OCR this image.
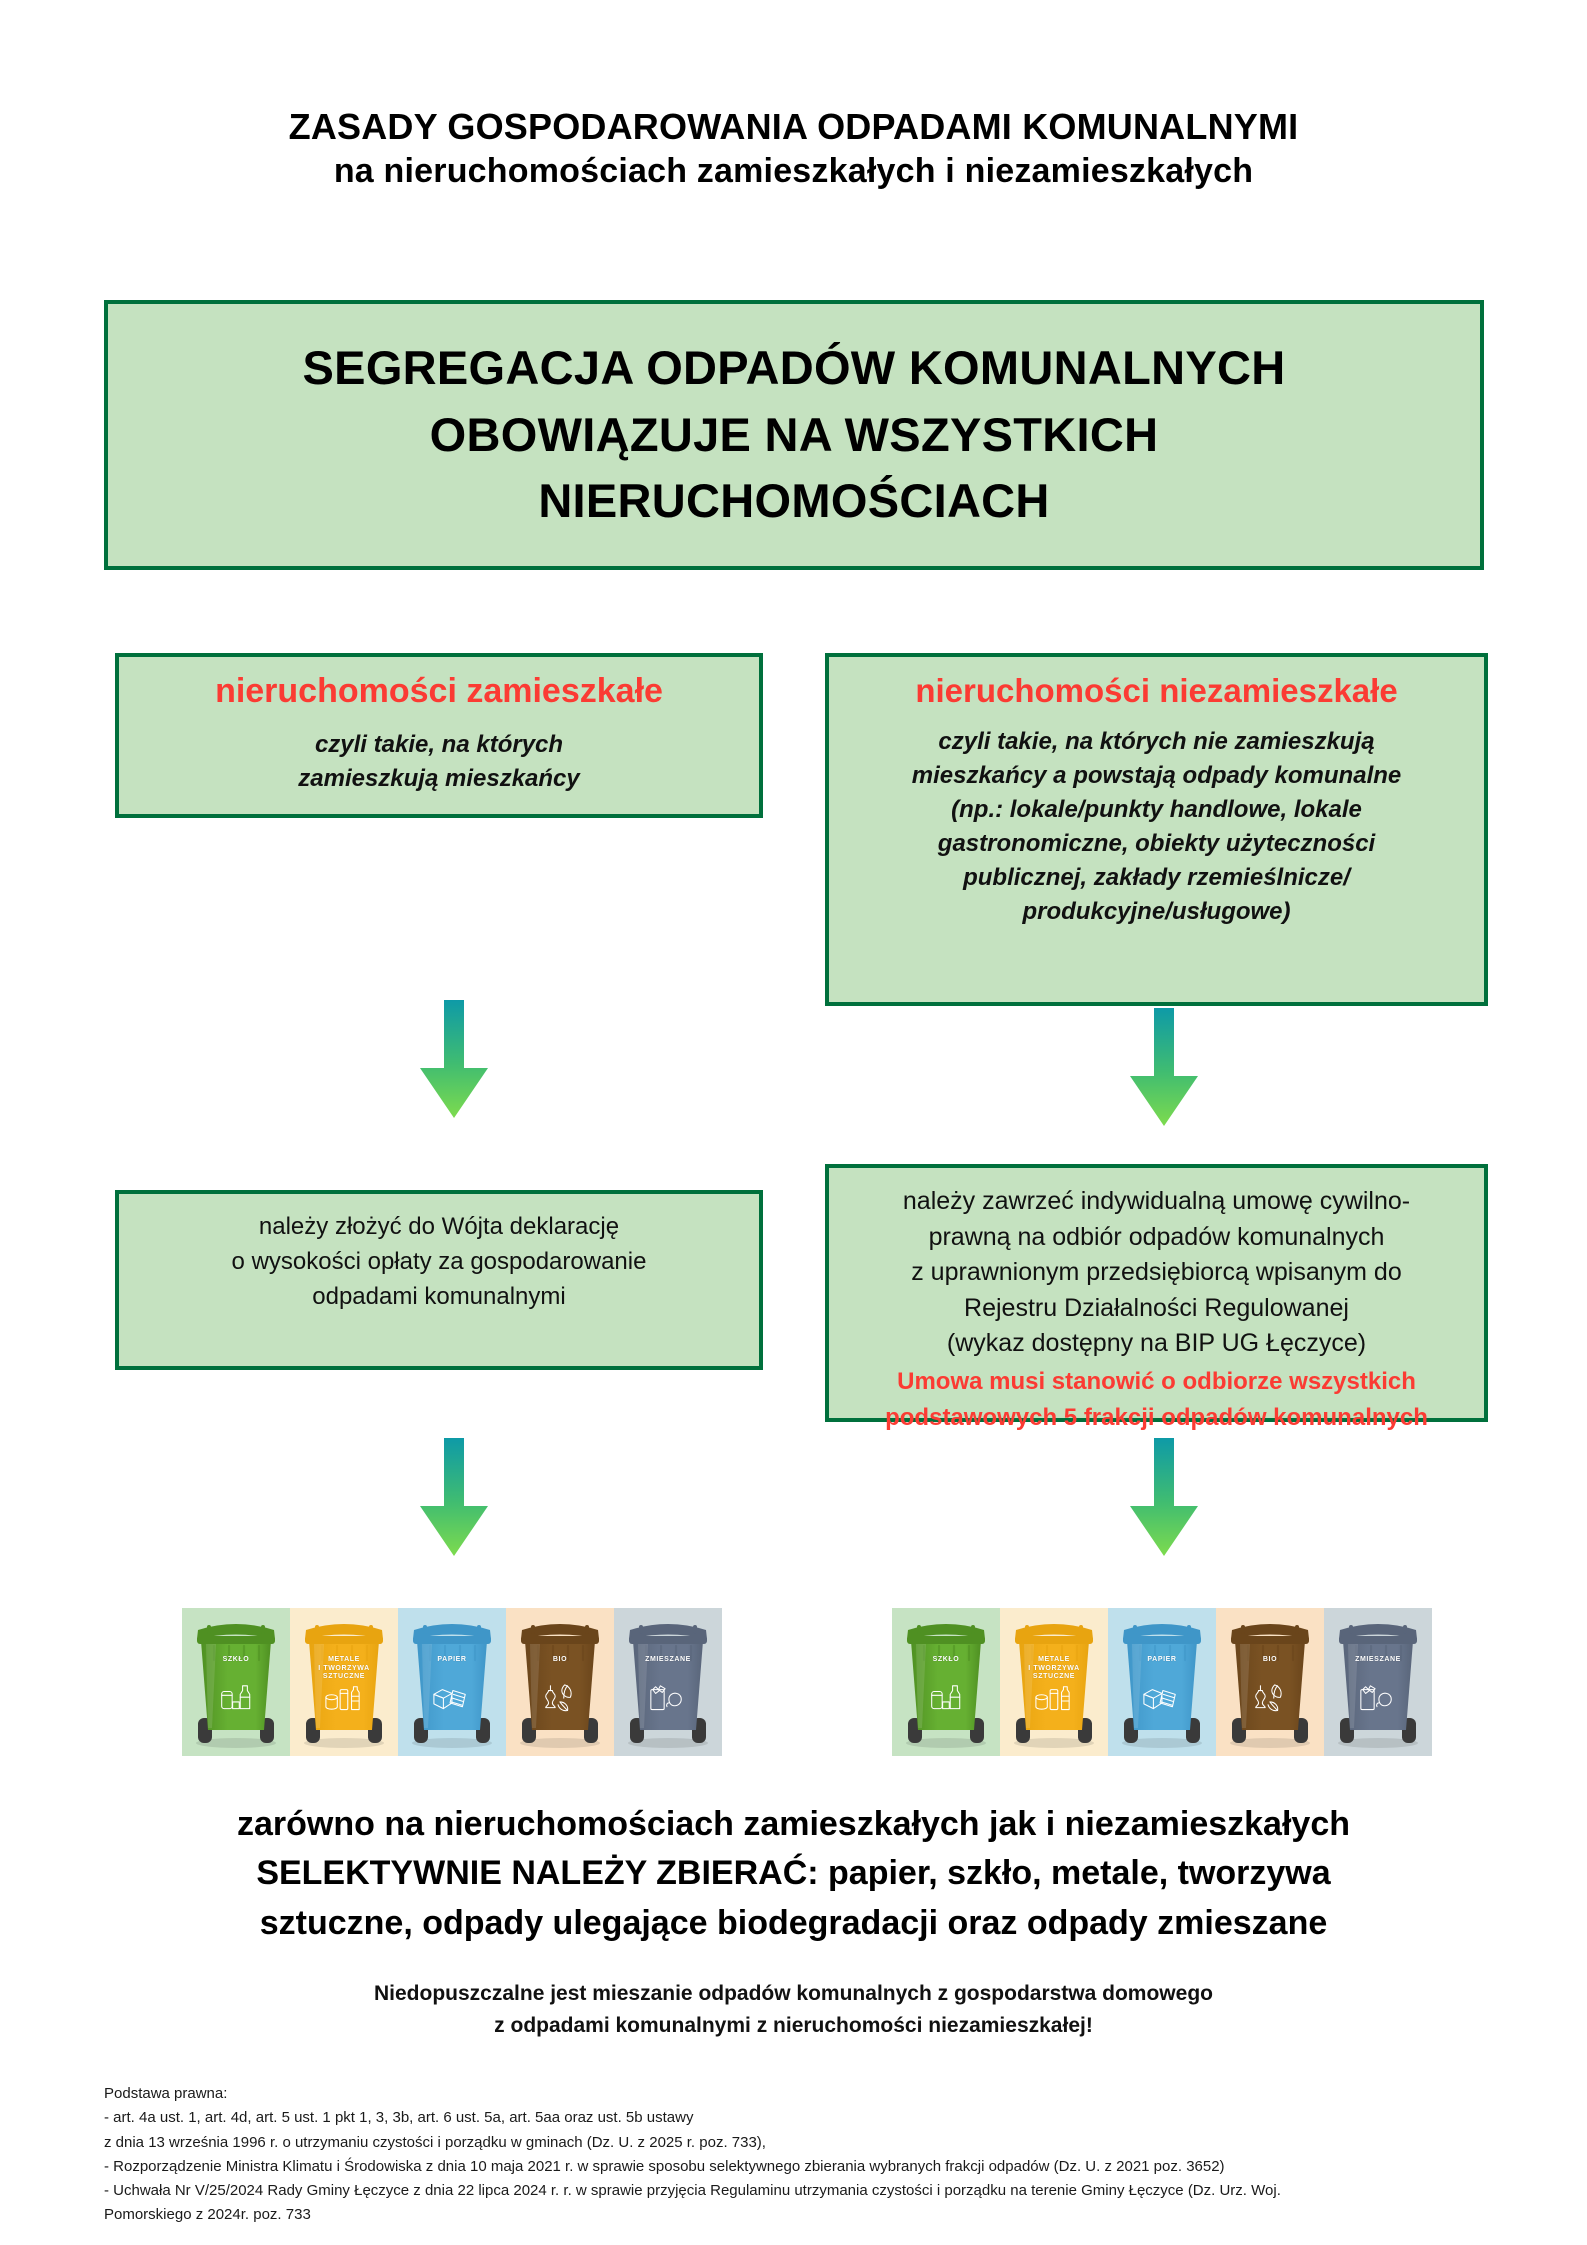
ZASADY GOSPODAROWANIA ODPADAMI KOMUNALNYMI
na nieruchomościach zamieszkałych i niezamieszkałych
SEGREGACJA ODPADÓW KOMUNALNYCH
OBOWIĄZUJE NA WSZYSTKICH
NIERUCHOMOŚCIACH
nieruchomości zamieszkałe
czyli takie, na których
zamieszkują mieszkańcy
nieruchomości niezamieszkałe
czyli takie, na których nie zamieszkują
mieszkańcy a powstają odpady komunalne
(np.: lokale/punkty handlowe, lokale
gastronomiczne, obiekty użyteczności
publicznej, zakłady rzemieślnicze/
produkcyjne/usługowe)
należy złożyć do Wójta deklarację
o wysokości opłaty za gospodarowanie
odpadami komunalnymi
należy zawrzeć indywidualną umowę cywilno-
prawną na odbiór odpadów komunalnych
z uprawnionym przedsiębiorcą wpisanym do
Rejestru Działalności Regulowanej
(wykaz dostępny na BIP UG Łęczyce)
Umowa musi stanowić o odbiorze wszystkich
podstawowych 5 frakcji odpadów komunalnych
SZKŁO	METALE
I TWORZYWA
SZTUCZNE
PAPIER	BIO	ZMIESZANE	SZKŁO	METALE
I TWORZYWA
SZTUCZNE
PAPIER	BIO	ZMIESZANE
zarówno na nieruchomościach zamieszkałych jak i niezamieszkałych
SELEKTYWNIE NALEŻY ZBIERAĆ: papier, szkło, metale, tworzywa
sztuczne, odpady ulegające biodegradacji oraz odpady zmieszane
Niedopuszczalne jest mieszanie odpadów komunalnych z gospodarstwa domowego
z odpadami komunalnymi z nieruchomości niezamieszkałej!
Podstawa prawna:
- art. 4a ust. 1, art. 4d, art. 5 ust. 1 pkt 1, 3, 3b, art. 6 ust. 5a, art. 5aa oraz ust. 5b ustawy
z dnia 13 września 1996 r. o utrzymaniu czystości i porządku w gminach (Dz. U. z 2025 r. poz. 733),
- Rozporządzenie Ministra Klimatu i Środowiska z dnia 10 maja 2021 r. w sprawie sposobu selektywnego zbierania wybranych frakcji odpadów (Dz. U. z 2021 poz. 3652)
- Uchwała Nr V/25/2024 Rady Gminy Łęczyce z dnia 22 lipca 2024 r. r. w sprawie przyjęcia Regulaminu utrzymania czystości i porządku na terenie Gminy Łęczyce (Dz. Urz. Woj.
Pomorskiego z 2024r. poz. 733
